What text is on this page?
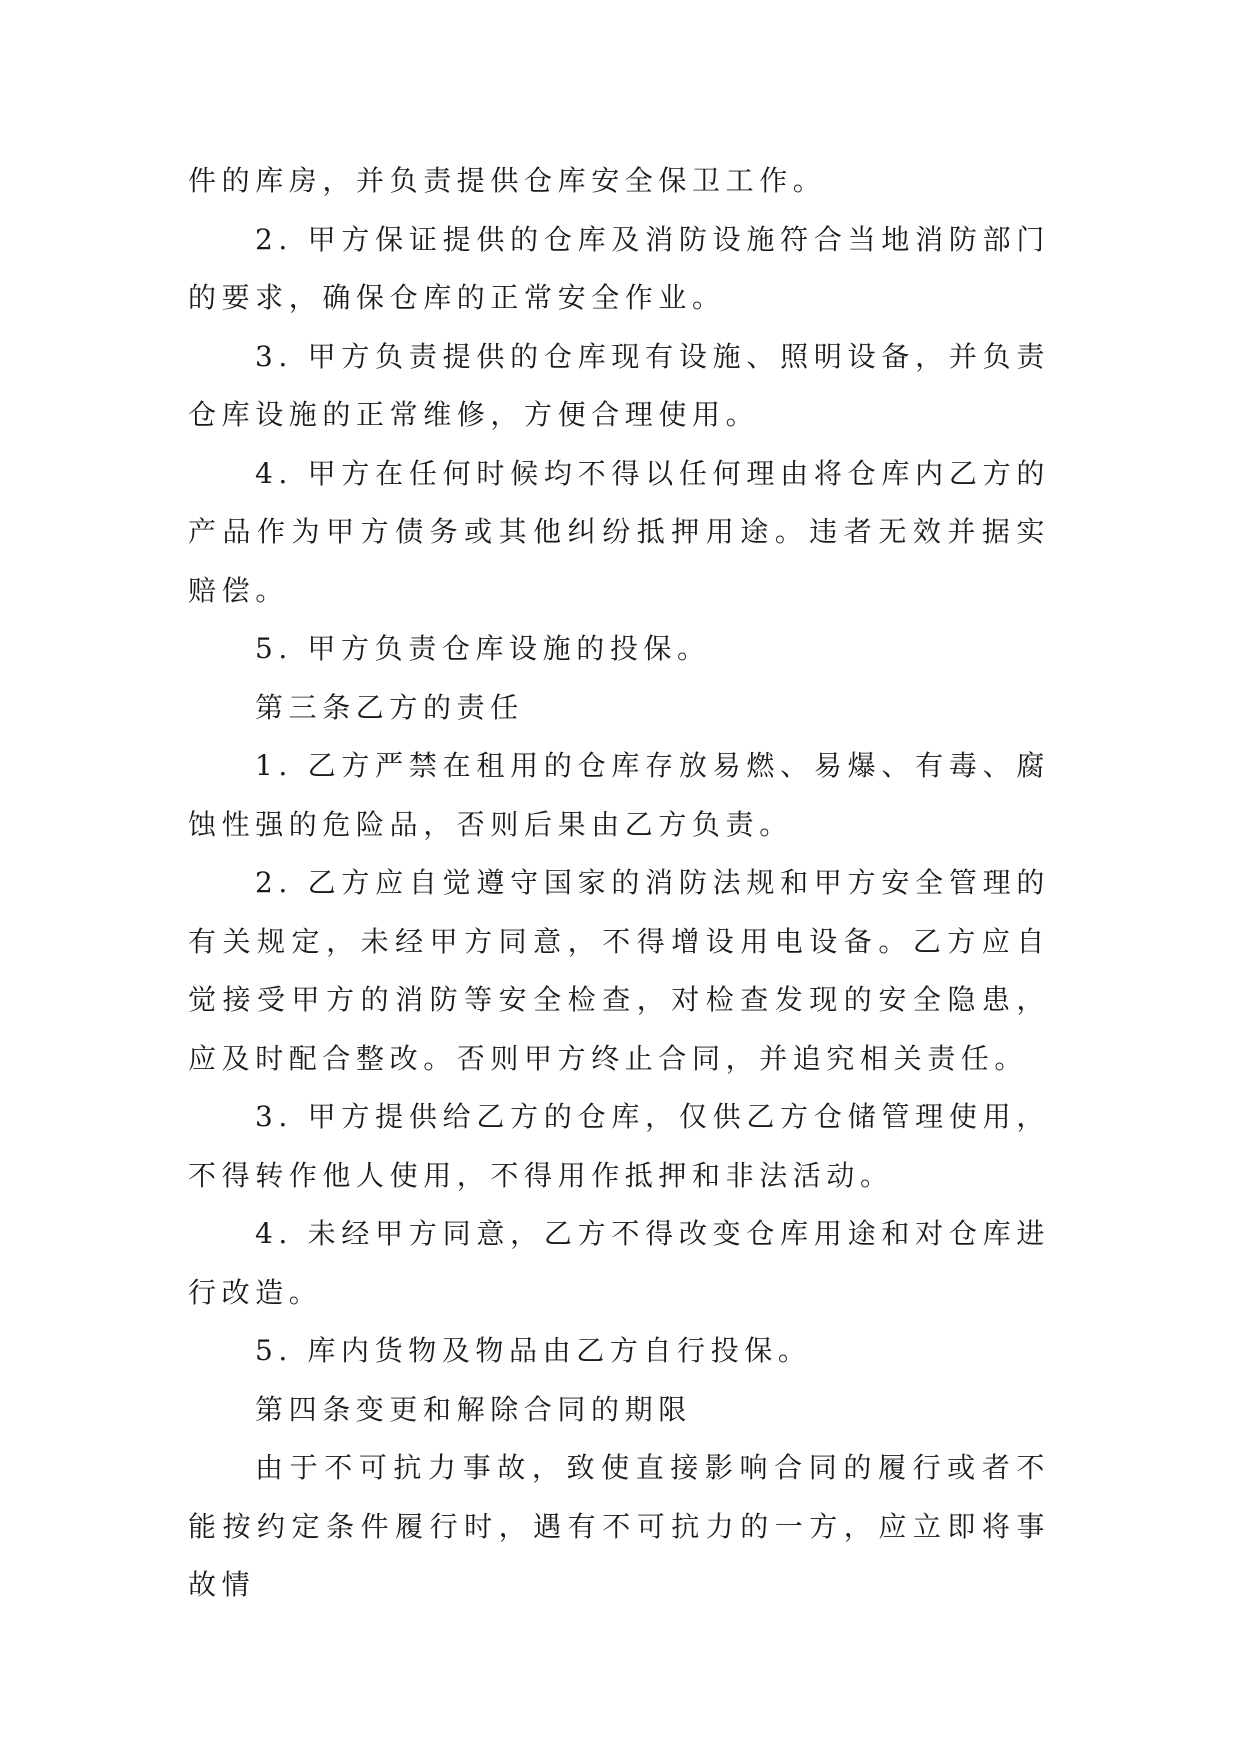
件的库房，并负责提供仓库安全保卫工作。

2. 甲方保证提供的仓库及消防设施符合当地消防部门的要求，确保仓库的正常安全作业。

3. 甲方负责提供的仓库现有设施、照明设备，并负责仓库设施的正常维修，方便合理使用。

4. 甲方在任何时候均不得以任何理由将仓库内乙方的产品作为甲方债务或其他纠纷抵押用途。违者无效并据实赔偿。

5. 甲方负责仓库设施的投保。

第三条乙方的责任

1. 乙方严禁在租用的仓库存放易燃、易爆、有毒、腐蚀性强的危险品，否则后果由乙方负责。

2. 乙方应自觉遵守国家的消防法规和甲方安全管理的有关规定，未经甲方同意，不得增设用电设备。乙方应自觉接受甲方的消防等安全检查，对检查发现的安全隐患，应及时配合整改。否则甲方终止合同，并追究相关责任。

3. 甲方提供给乙方的仓库，仅供乙方仓储管理使用，不得转作他人使用，不得用作抵押和非法活动。

4. 未经甲方同意，乙方不得改变仓库用途和对仓库进行改造。

5. 库内货物及物品由乙方自行投保。

第四条变更和解除合同的期限

由于不可抗力事故，致使直接影响合同的履行或者不能按约定条件履行时，遇有不可抗力的一方，应立即将事故情
